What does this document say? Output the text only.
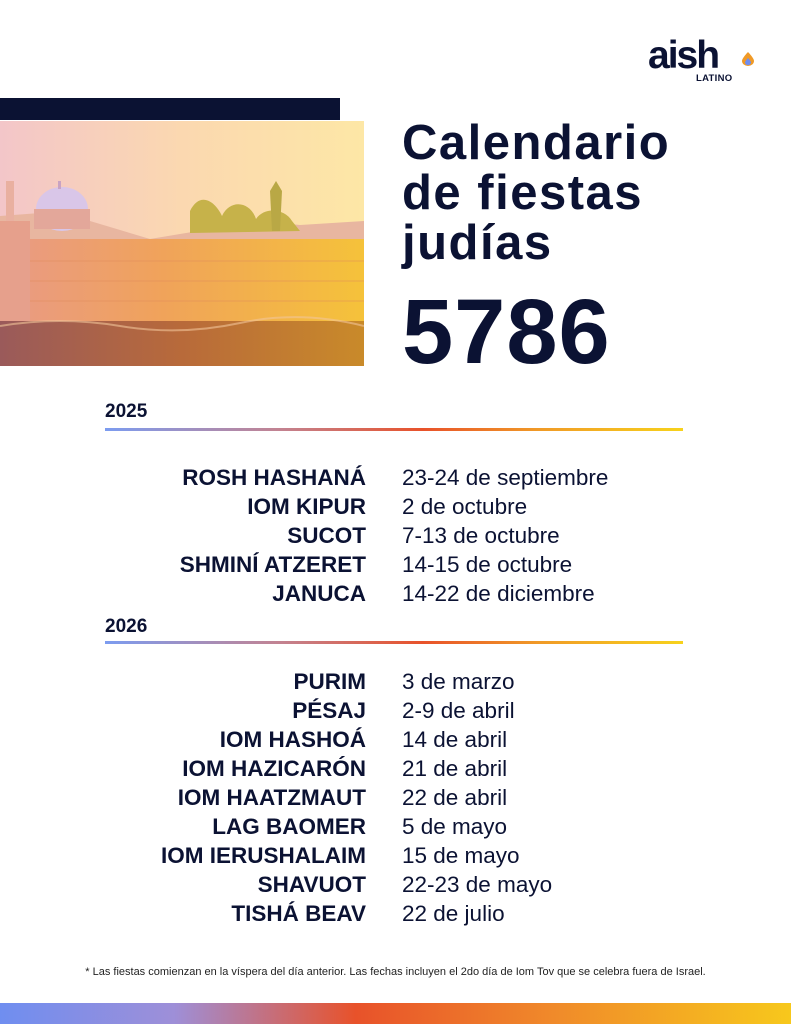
aish
LATINO
Calendario
de fiestas
judías
5786
2025
ROSH HASHANÁ 23-24 de septiembre
IOM KIPUR 2 de octubre
SUCOT 7-13 de octubre
SHMINÍ ATZERET 14-15 de octubre
JANUCA 14-22 de diciembre
2026
PURIM 3 de marzo
PÉSAJ 2-9 de abril
IOM HASHOÁ 14 de abril
IOM HAZICARÓN 21 de abril
IOM HAATZMAUT 22 de abril
LAG BAOMER 5 de mayo
IOM IERUSHALAIM 15 de mayo
SHAVUOT 22-23 de mayo
TISHÁ BEAV 22 de julio
* Las fiestas comienzan en la víspera del día anterior. Las fechas incluyen el 2do día de Iom Tov que se celebra fuera de Israel.
